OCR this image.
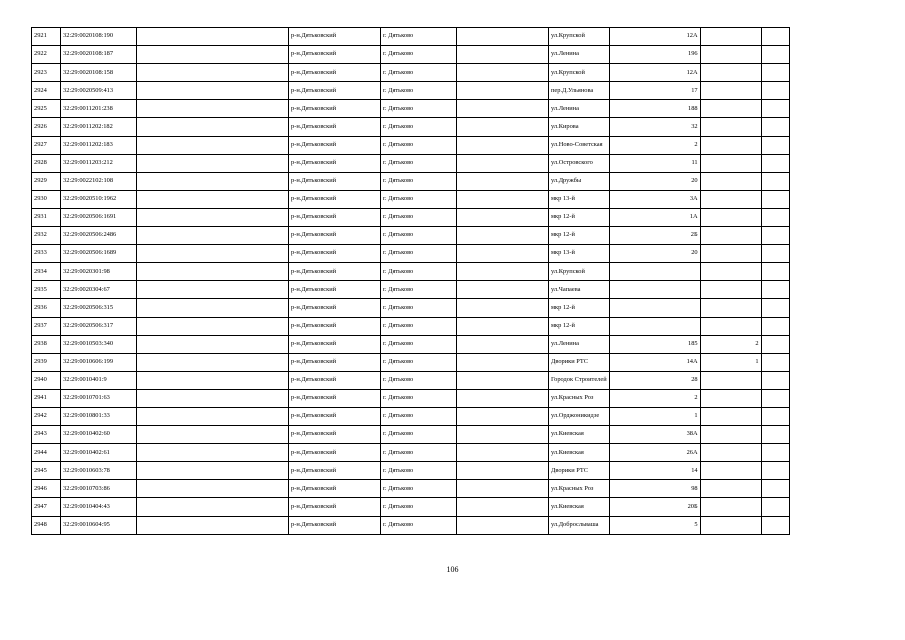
2921	32:29:0020108:190		р-н.Дятьковский	г. Дятьково		ул.Крупской	12А		
2922	32:29:0020108:187		р-н.Дятьковский	г. Дятьково		ул.Ленина	196		
2923	32:29:0020108:158		р-н.Дятьковский	г. Дятьково		ул.Крупской	12А		
2924	32:29:0020509:413		р-н.Дятьковский	г. Дятьково		пер.Д.Ульянова	17		
2925	32:29:0011201:238		р-н.Дятьковский	г. Дятьково		ул.Ленина	188		
2926	32:29:0011202:182		р-н.Дятьковский	г. Дятьково		ул.Кирова	32		
2927	32:29:0011202:183		р-н.Дятьковский	г. Дятьково		ул.Ново-Советская	2		
2928	32:29:0011203:212		р-н.Дятьковский	г. Дятьково		ул.Островского	11		
2929	32:29:0022102:108		р-н.Дятьковский	г. Дятьково		ул.Дружбы	20		
2930	32:29:0020510:1962		р-н.Дятьковский	г. Дятьково		мкр 13-й	3А		
2931	32:29:0020506:1691		р-н.Дятьковский	г. Дятьково		мкр 12-й	1А		
2932	32:29:0020506:2486		р-н.Дятьковский	г. Дятьково		мкр 12-й	2Б		
2933	32:29:0020506:1689		р-н.Дятьковский	г. Дятьково		мкр 13-й	20		
2934	32:29:0020301:98		р-н.Дятьковский	г. Дятьково		ул.Крупской			
2935	32:29:0020304:67		р-н.Дятьковский	г. Дятьково		ул.Чапаева			
2936	32:29:0020506:315		р-н.Дятьковский	г. Дятьково		мкр 12-й			
2937	32:29:0020506:317		р-н.Дятьковский	г. Дятьково		мкр 12-й			
2938	32:29:0010503:340		р-н.Дятьковский	г. Дятьково		ул.Ленина	185	2	
2939	32:29:0010606:199		р-н.Дятьковский	г. Дятьково		Дворики РТС	14А	1	
2940	32:29:0010401:9		р-н.Дятьковский	г. Дятьково		Городок Строителей	28		
2941	32:29:0010701:63		р-н.Дятьковский	г. Дятьково		ул.Красных Роз	2		
2942	32:29:0010801:33		р-н.Дятьковский	г. Дятьково		ул.Орджоникидзе	1		
2943	32:29:0010402:60		р-н.Дятьковский	г. Дятьково		ул.Киевская	38А		
2944	32:29:0010402:61		р-н.Дятьковский	г. Дятьково		ул.Киевская	26А		
2945	32:29:0010603:78		р-н.Дятьковский	г. Дятьково		Дворики РТС	14		
2946	32:29:0010703:86		р-н.Дятьковский	г. Дятьково		ул.Красных Роз	98		
2947	32:29:0010404:43		р-н.Дятьковский	г. Дятьково		ул.Киевская	20Б		
2948	32:29:0010604:95		р-н.Дятьковский	г. Дятьково		ул.Добросльваша	5		
106
